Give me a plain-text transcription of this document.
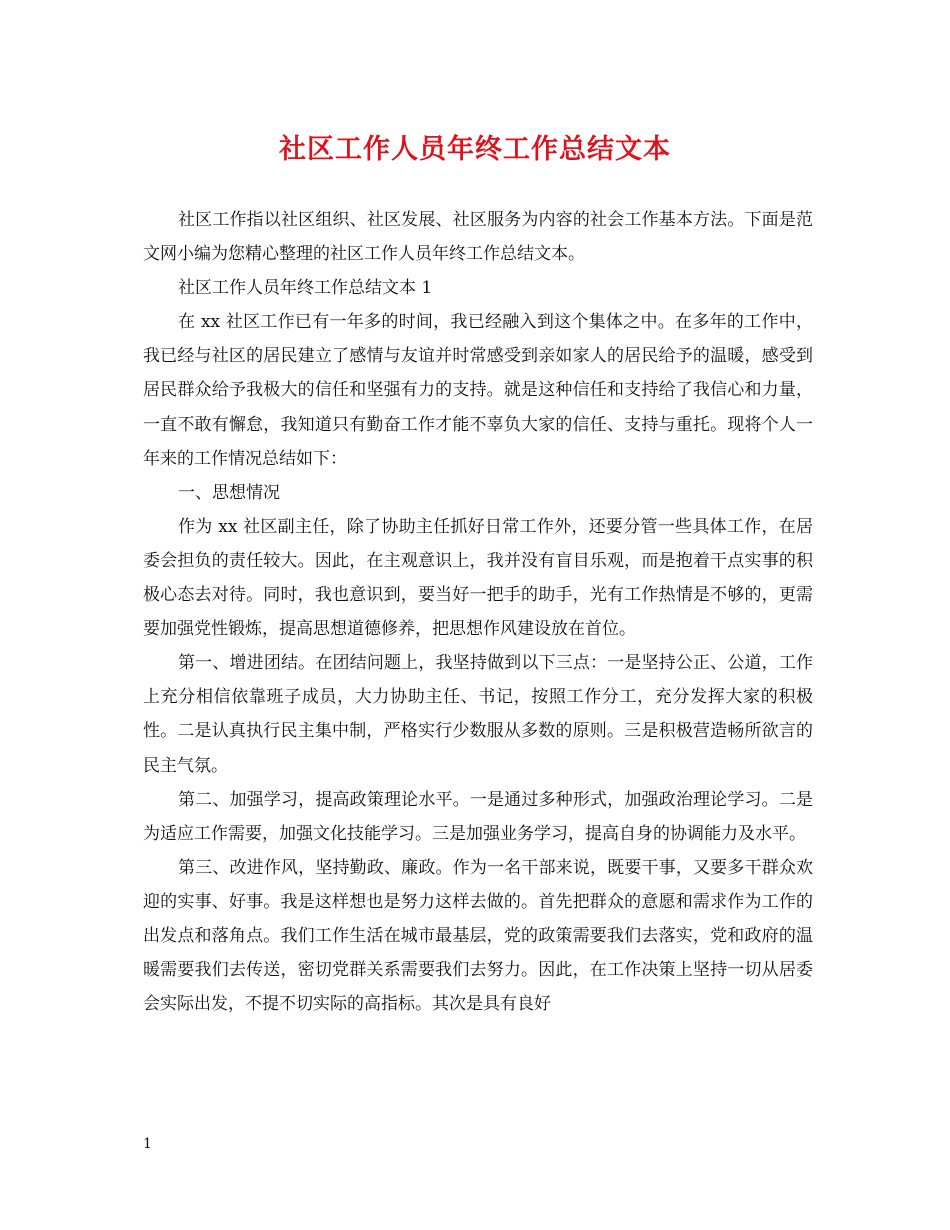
社区工作人员年终工作总结文本

社区工作指以社区组织、社区发展、社区服务为内容的社会工作基本方法。下面是范文网小编为您精心整理的社区工作人员年终工作总结文本。

社区工作人员年终工作总结文本 1

在 xx 社区工作已有一年多的时间，我已经融入到这个集体之中。在多年的工作中，我已经与社区的居民建立了感情与友谊并时常感受到亲如家人的居民给予的温暖，感受到居民群众给予我极大的信任和坚强有力的支持。就是这种信任和支持给了我信心和力量，一直不敢有懈怠，我知道只有勤奋工作才能不辜负大家的信任、支持与重托。现将个人一年来的工作情况总结如下：

一、思想情况

作为 xx 社区副主任，除了协助主任抓好日常工作外，还要分管一些具体工作，在居委会担负的责任较大。因此，在主观意识上，我并没有盲目乐观，而是抱着干点实事的积极心态去对待。同时，我也意识到，要当好一把手的助手，光有工作热情是不够的，更需要加强党性锻炼，提高思想道德修养，把思想作风建设放在首位。

第一、增进团结。在团结问题上，我坚持做到以下三点：一是坚持公正、公道，工作上充分相信依靠班子成员，大力协助主任、书记，按照工作分工，充分发挥大家的积极性。二是认真执行民主集中制，严格实行少数服从多数的原则。三是积极营造畅所欲言的民主气氛。

第二、加强学习，提高政策理论水平。一是通过多种形式，加强政治理论学习。二是为适应工作需要，加强文化技能学习。三是加强业务学习，提高自身的协调能力及水平。

第三、改进作风，坚持勤政、廉政。作为一名干部来说，既要干事，又要多干群众欢迎的实事、好事。我是这样想也是努力这样去做的。首先把群众的意愿和需求作为工作的出发点和落角点。我们工作生活在城市最基层，党的政策需要我们去落实，党和政府的温暖需要我们去传送，密切党群关系需要我们去努力。因此，在工作决策上坚持一切从居委会实际出发，不提不切实际的高指标。其次是具有良好

1
